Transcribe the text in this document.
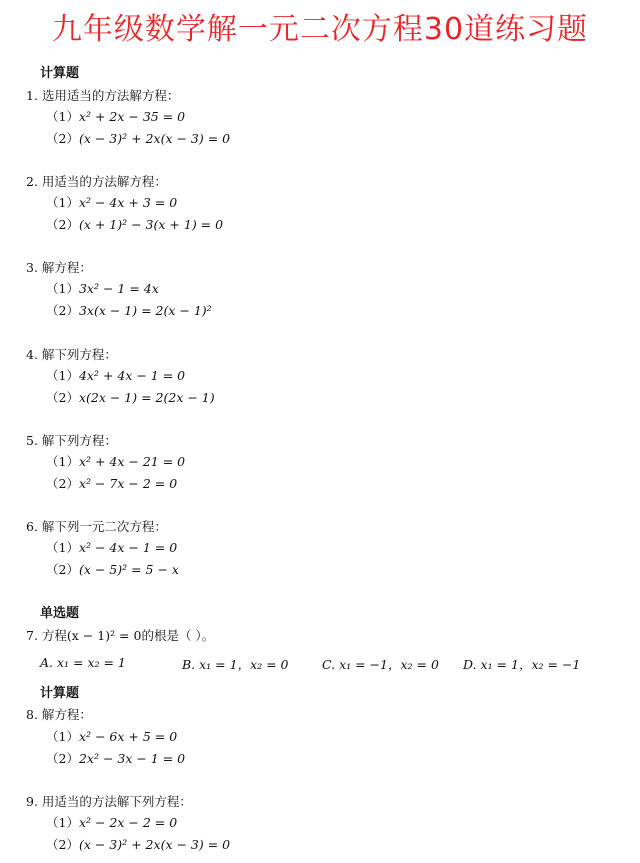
九年级数学解一元二次方程30道练习题
计算题
1. 选用适当的方法解方程：
（1）x² + 2x − 35 = 0
（2）(x − 3)² + 2x(x − 3) = 0
2. 用适当的方法解方程：
（1）x² − 4x + 3 = 0
（2）(x + 1)² − 3(x + 1) = 0
3. 解方程：
（1）3x² − 1 = 4x
（2）3x(x − 1) = 2(x − 1)²
4. 解下列方程：
（1）4x² + 4x − 1 = 0
（2）x(2x − 1) = 2(2x − 1)
5. 解下列方程：
（1）x² + 4x − 21 = 0
（2）x² − 7x − 2 = 0
6. 解下列一元二次方程：
（1）x² − 4x − 1 = 0
（2）(x − 5)² = 5 − x
单选题
7. 方程(x − 1)² = 0的根是（ ）。
A. x₁ = x₂ = 1	B. x₁ = 1，x₂ = 0	C. x₁ = −1，x₂ = 0 D. x₁ = 1，x₂ = −1
计算题
8. 解方程：
（1）x² − 6x + 5 = 0
（2）2x² − 3x − 1 = 0
9. 用适当的方法解下列方程：
（1）x² − 2x − 2 = 0
（2）(x − 3)² + 2x(x − 3) = 0
